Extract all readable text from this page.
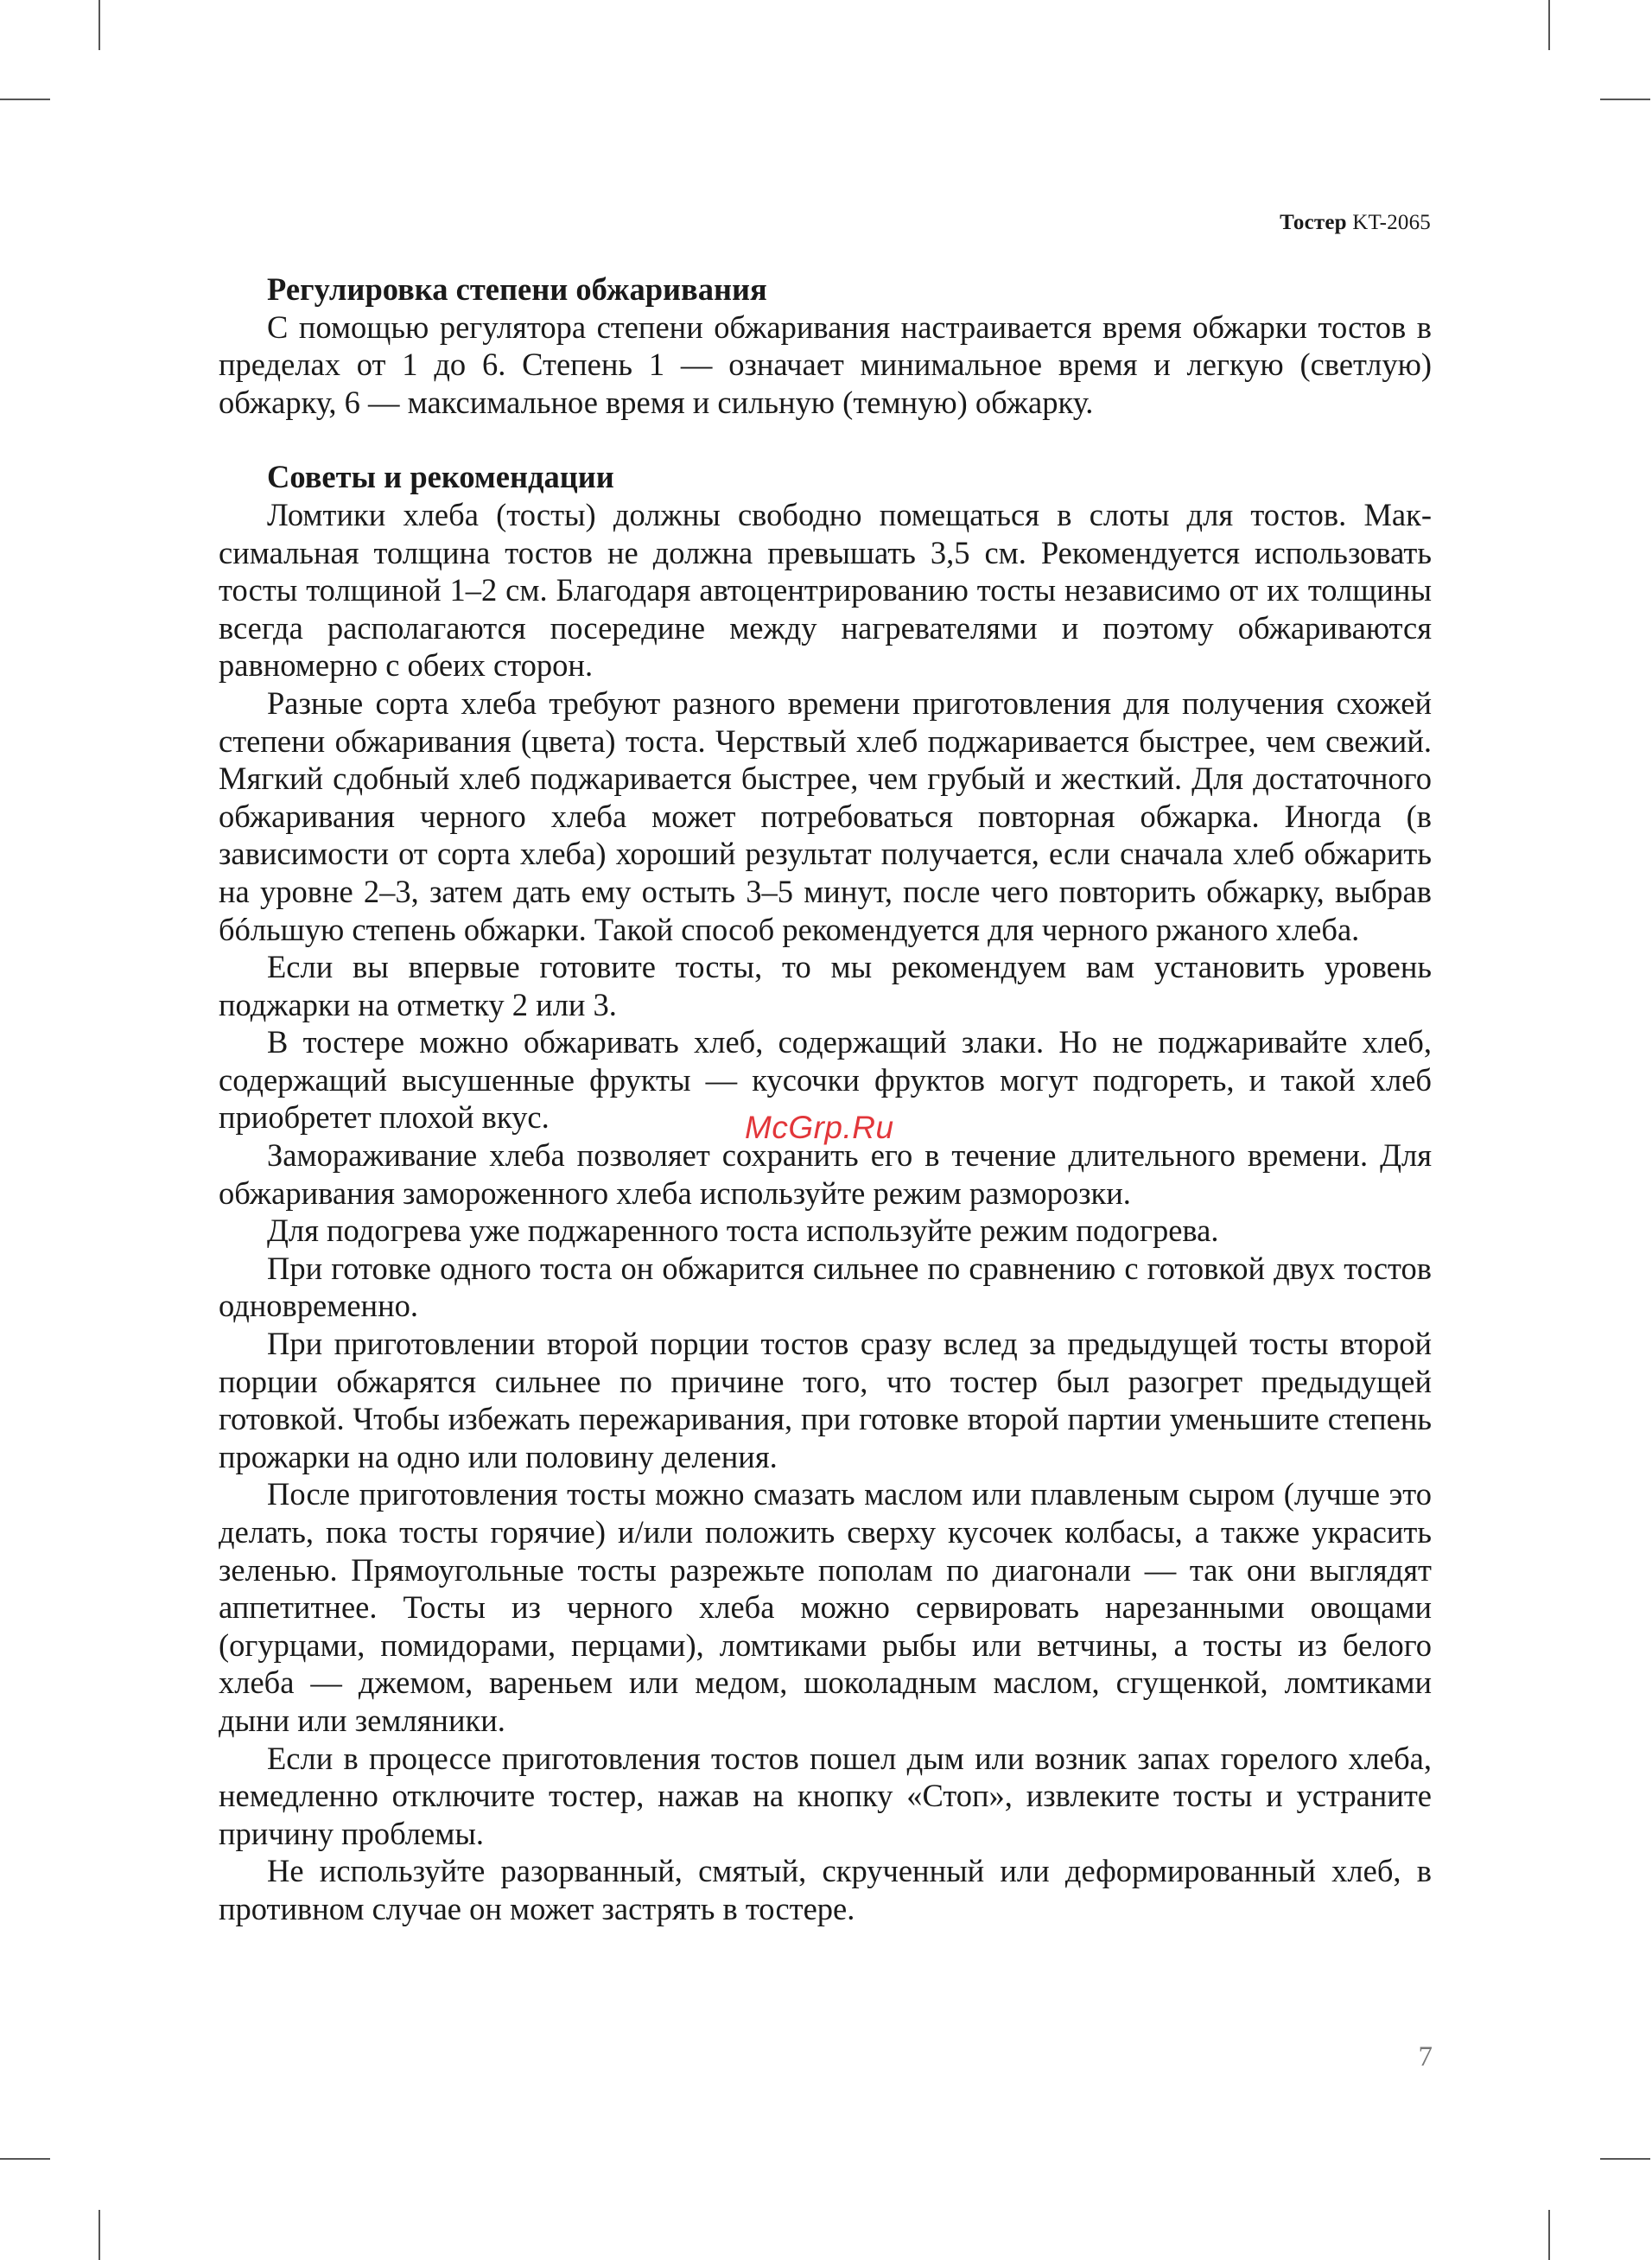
Тостер KT-2065
Регулировка степени обжаривания

С помощью регулятора степени обжаривания настраивается время обжарки тостов в пределах от 1 до 6. Степень 1 — означает минимальное время и легкую (светлую) обжарку, 6 — максимальное время и сильную (темную) обжарку.

Советы и рекомендации

Ломтики хлеба (тосты) должны свободно помещаться в слоты для тостов. Максимальная толщина тостов не должна превышать 3,5 см. Рекомендуется использовать тосты толщиной 1–2 см. Благодаря автоцентрированию тосты независимо от их толщины всегда располагаются посередине между нагревателями и поэтому обжариваются равномерно с обеих сторон.

Разные сорта хлеба требуют разного времени приготовления для получения схожей степени обжаривания (цвета) тоста. Черствый хлеб поджаривается быстрее, чем свежий. Мягкий сдобный хлеб поджаривается быстрее, чем грубый и жесткий. Для достаточного обжаривания черного хлеба может потребоваться повторная обжарка. Иногда (в зависимости от сорта хлеба) хороший результат получается, если сначала хлеб обжарить на уровне 2–3, затем дать ему остыть 3–5 минут, после чего повторить обжарку, выбрав бóльшую степень обжарки. Такой способ рекомендуется для черного ржаного хлеба.

Если вы впервые готовите тосты, то мы рекомендуем вам установить уровень поджарки на отметку 2 или 3.

В тостере можно обжаривать хлеб, содержащий злаки. Но не поджаривайте хлеб, содержащий высушенные фрукты — кусочки фруктов могут подгореть, и такой хлеб приобретет плохой вкус.

Замораживание хлеба позволяет сохранить его в течение длительного времени. Для обжаривания замороженного хлеба используйте режим разморозки.

Для подогрева уже поджаренного тоста используйте режим подогрева.

При готовке одного тоста он обжарится сильнее по сравнению с готовкой двух тостов одновременно.

При приготовлении второй порции тостов сразу вслед за предыдущей тосты второй порции обжарятся сильнее по причине того, что тостер был разогрет предыдущей готовкой. Чтобы избежать пережаривания, при готовке второй партии уменьшите степень прожарки на одно или половину деления.

После приготовления тосты можно смазать маслом или плавленым сыром (лучше это делать, пока тосты горячие) и/или положить сверху кусочек колбасы, а также украсить зеленью. Прямоугольные тосты разрежьте пополам по диагонали — так они выглядят аппетитнее. Тосты из черного хлеба можно сервировать нарезанными овощами (огурцами, помидорами, перцами), ломтиками рыбы или ветчины, а тосты из белого хлеба — джемом, вареньем или медом, шоколадным маслом, сгущенкой, ломтиками дыни или земляники.

Если в процессе приготовления тостов пошел дым или возник запах горелого хлеба, немедленно отключите тостер, нажав на кнопку «Стоп», извлеките тосты и устраните причину проблемы.

Не используйте разорванный, смятый, скрученный или деформированный хлеб, в противном случае он может застрять в тостере.

McGrp.Ru
7
